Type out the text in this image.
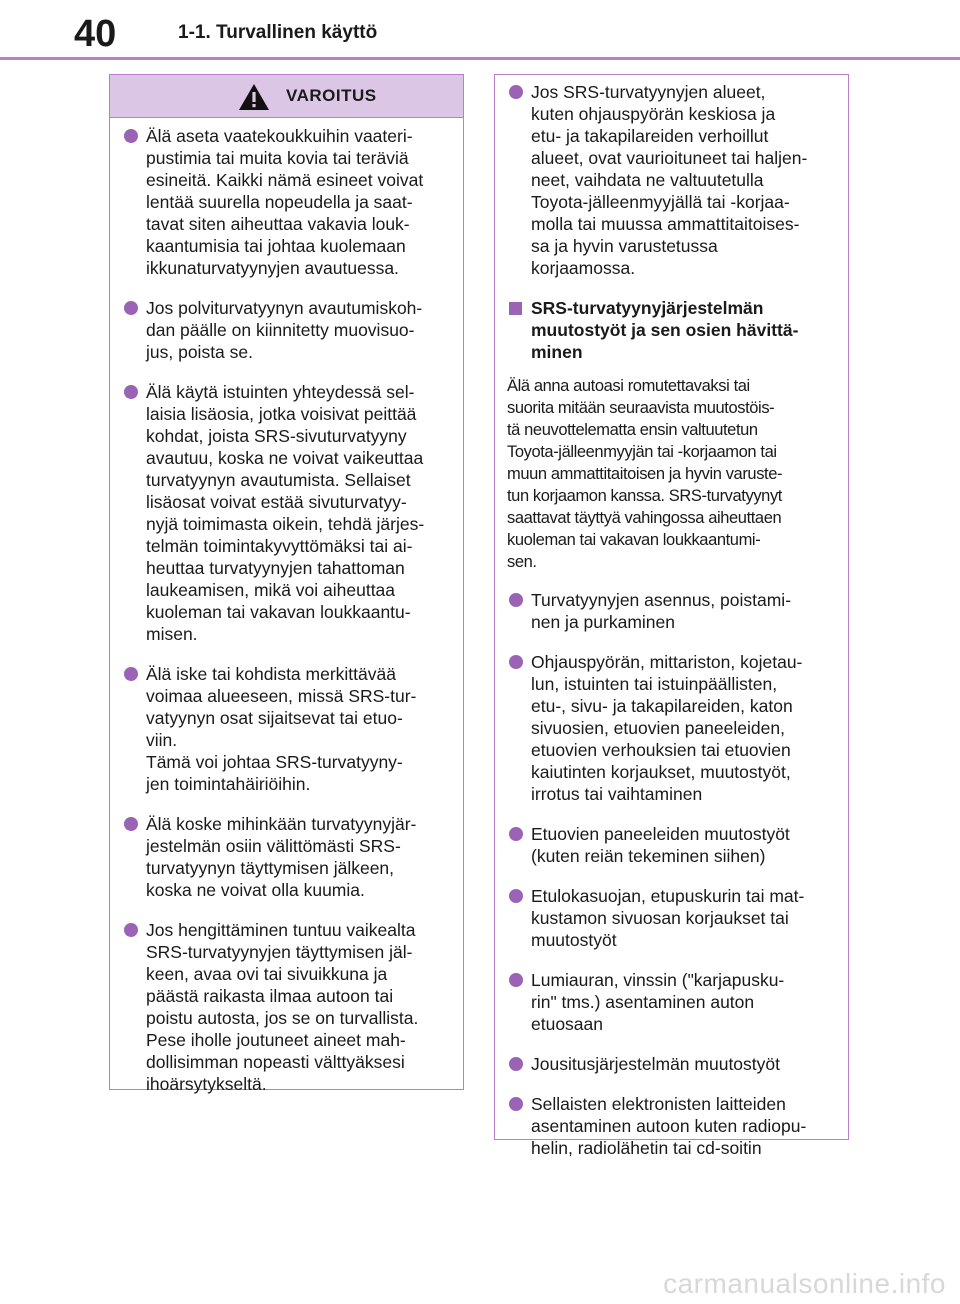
40	1-1. Turvallinen käyttö
VAROITUS
Älä aseta vaatekoukkuihin vaateri-
pustimia tai muita kovia tai teräviä
esineitä. Kaikki nämä esineet voivat
lentää suurella nopeudella ja saat-
tavat siten aiheuttaa vakavia louk-
kaantumisia tai johtaa kuolemaan
ikkunaturvatyynyjen avautuessa.
Jos polviturvatyynyn avautumiskoh-
dan päälle on kiinnitetty muovisuo-
jus, poista se.
Älä käytä istuinten yhteydessä sel-
laisia lisäosia, jotka voisivat peittää
kohdat, joista SRS-sivuturvatyyny
avautuu, koska ne voivat vaikeuttaa
turvatyynyn avautumista. Sellaiset
lisäosat voivat estää sivuturvatyy-
nyjä toimimasta oikein, tehdä järjes-
telmän toimintakyvyttömäksi tai ai-
heuttaa turvatyynyjen tahattoman
laukeamisen, mikä voi aiheuttaa
kuoleman tai vakavan loukkaantu-
misen.
Älä iske tai kohdista merkittävää
voimaa alueeseen, missä SRS-tur-
vatyynyn osat sijaitsevat tai etuo-
viin.
Tämä voi johtaa SRS-turvatyyny-
jen toimintahäiriöihin.
Älä koske mihinkään turvatyynyjär-
jestelmän osiin välittömästi SRS-
turvatyynyn täyttymisen jälkeen,
koska ne voivat olla kuumia.
Jos hengittäminen tuntuu vaikealta
SRS-turvatyynyjen täyttymisen jäl-
keen, avaa ovi tai sivuikkuna ja
päästä raikasta ilmaa autoon tai
poistu autosta, jos se on turvallista.
Pese iholle joutuneet aineet mah-
dollisimman nopeasti välttyäksesi
ihoärsytykseltä.
Jos SRS-turvatyynyjen alueet,
kuten ohjauspyörän keskiosa ja
etu- ja takapilareiden verhoillut
alueet, ovat vaurioituneet tai haljen-
neet, vaihdata ne valtuutetulla
Toyota-jälleenmyyjällä tai -korjaa-
molla tai muussa ammattitaitoises-
sa ja hyvin varustetussa
korjaamossa.
SRS-turvatyynyjärjestelmän
muutostyöt ja sen osien hävittä-
minen
Älä anna autoasi romutettavaksi tai
suorita mitään seuraavista muutostöis-
tä neuvottelematta ensin valtuutetun
Toyota-jälleenmyyjän tai -korjaamon tai
muun ammattitaitoisen ja hyvin varuste-
tun korjaamon kanssa. SRS-turvatyynyt
saattavat täyttyä vahingossa aiheuttaen
kuoleman tai vakavan loukkaantumi-
sen.
Turvatyynyjen asennus, poistami-
nen ja purkaminen
Ohjauspyörän, mittariston, kojetau-
lun, istuinten tai istuinpäällisten,
etu-, sivu- ja takapilareiden, katon
sivuosien, etuovien paneeleiden,
etuovien verhouksien tai etuovien
kaiutinten korjaukset, muutostyöt,
irrotus tai vaihtaminen
Etuovien paneeleiden muutostyöt
(kuten reiän tekeminen siihen)
Etulokasuojan, etupuskurin tai mat-
kustamon sivuosan korjaukset tai
muutostyöt
Lumiauran, vinssin ("karjapusku-
rin" tms.) asentaminen auton
etuosaan
Jousitusjärjestelmän muutostyöt
Sellaisten elektronisten laitteiden
asentaminen autoon kuten radiopu-
helin, radiolähetin tai cd-soitin
carmanualsonline.info
